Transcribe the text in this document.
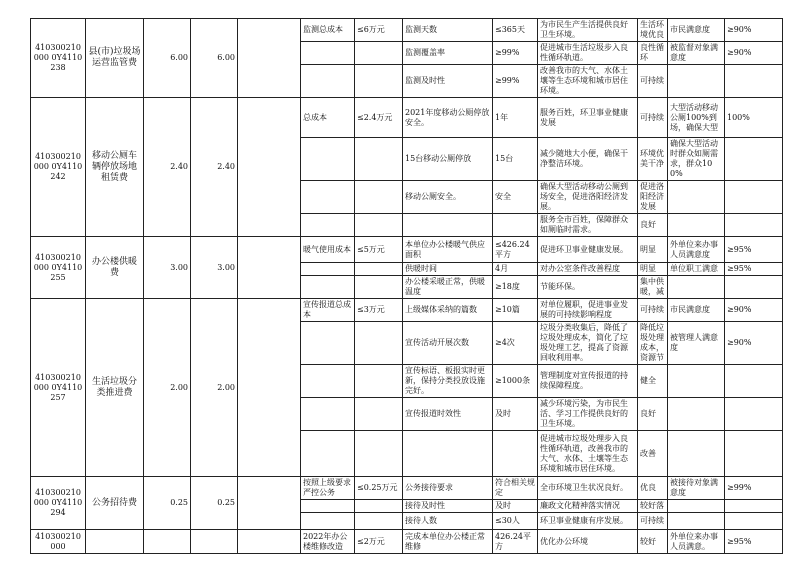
410300210000 0Y4110238	县(市)垃圾场运营监管费	6.00	6.00		监测总成本	≤6万元	监测天数	≤365天	为市民生产生活提供良好卫生环境。	生活环境优良	市民满意度	≥90%
							监测覆盖率	≥99%	促进城市生活垃圾步入良性循环轨道。	良性循环	被监督对象满意度	≥90%
							监测及时性	≥99%	改善我市的大气、水体土壤等生态环境和城市居住环境。	可持续		
410300210000 0Y4110242	移动公厕车辆停放场地租赁费	2.40	2.40		总成本	≤2.4万元	2021年度移动公厕停放安全。	1年	服务百姓，环卫事业健康发展	可持续	大型活动移动公厕100%到场，确保大型	100%
							15台移动公厕停放	15台	减少随地大小便，确保干净整洁环境。	环境优美干净	确保大型活动时群众如厕需求，群众100%	
							移动公厕安全。	安全	确保大型活动移动公厕到场安全，促进洛阳经济发展。	促进洛阳经济发展		
									服务全市百姓，保障群众如厕临时需求。	良好		
410300210000 0Y4110255	办公楼供暖费	3.00	3.00		暖气使用成本	≤5万元	本单位办公楼暖气供应面积	≤426.24平方	促进环卫事业健康发展。	明显	外单位来办事人员满意度	≥95%
							供暖时间	4月	对办公室条件改善程度	明显	单位职工满意	≥95%
							办公楼采暖正常，供暖温度	≥18度	节能环保。	集中供暖，减		
410300210000 0Y4110257	生活垃圾分类推进费	2.00	2.00		宣传报道总成本	≤3万元	上级媒体采纳的篇数	≥10篇	对单位履职，促进事业发展的可持续影响程度	可持续	市民满意度	≥90%
							宣传活动开展次数	≥4次	垃圾分类收集后，降低了垃圾处理成本，简化了垃圾处理工艺，提高了资源回收利用率。	降低垃圾处理成本，资源节	被管理人满意度	≥90%
							宣传标语、板报实时更新，保持分类投放设施完好。	≥1000条	管理制度对宣传报道的持续保障程度。	健全		
							宣传报道时效性	及时	减少环境污染，为市民生活、学习工作提供良好的卫生环境。	良好		
									促进城市垃圾处理步入良性循环轨道，改善我市的大气、水体、土壤等生态环境和城市居住环境。	改善		
410300210000 0Y4110294	公务招待费	0.25	0.25		按照上级要求严控公务	≤0.25万元	公务接待要求	符合相关规定	全市环境卫生状况良好。	优良	被接待对象满意度	≥99%
							接待及时性	及时	廉政文化精神落实情况	较好落		
							接待人数	≤30人	环卫事业健康有序发展。	可持续		
410300210000					2022年办公楼维修改造	≤2万元	完成本单位办公楼正常维修	426.24平方	优化办公环境	较好	外单位来办事人员满意。	≥95%
